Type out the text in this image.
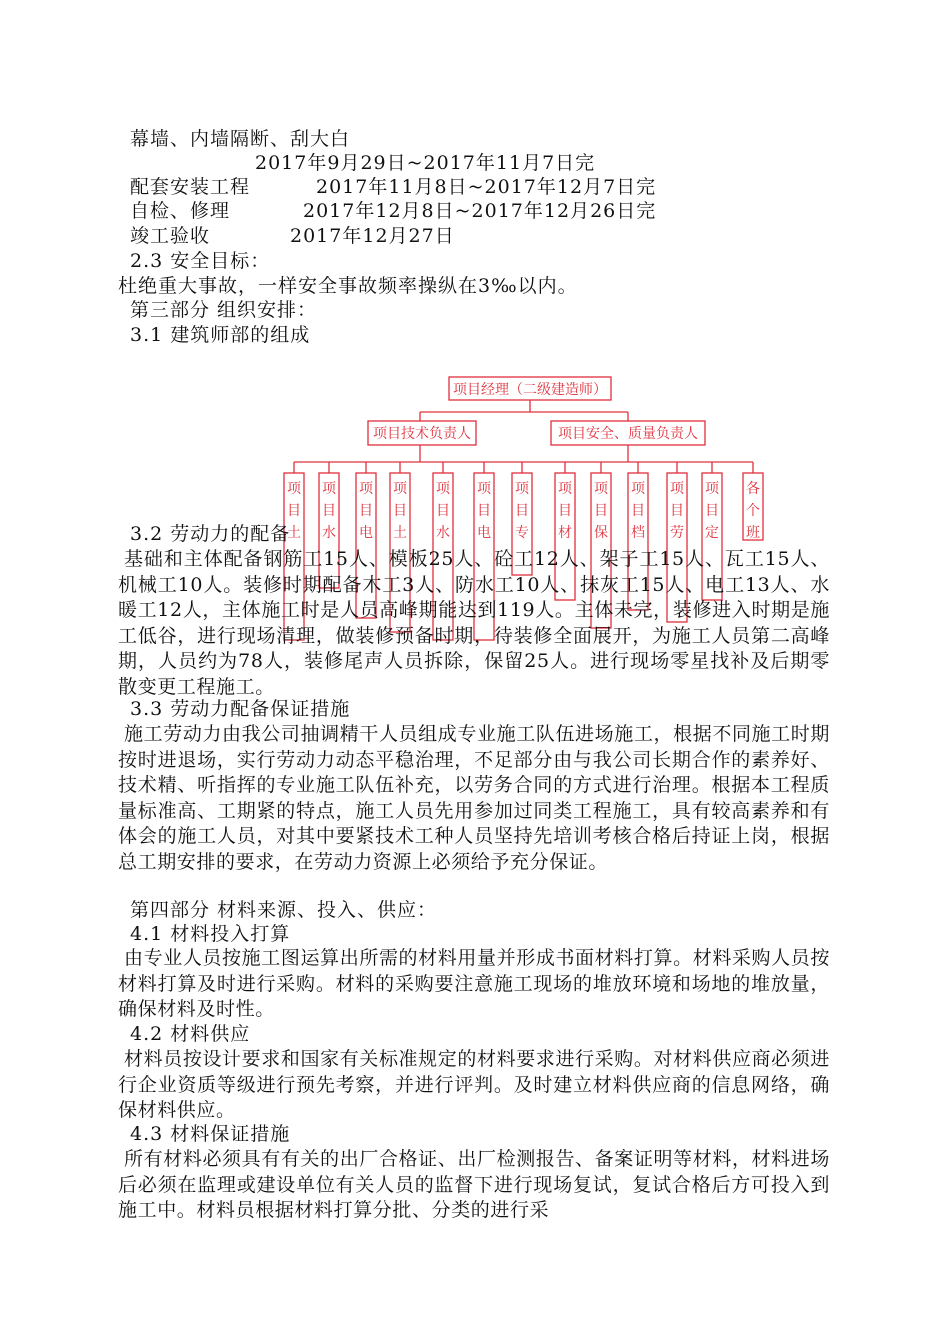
幕墙、内墙隔断、刮大白
2017年9月29日~2017年11月7日完
配套安装工程	2017年11月8日~2017年12月7日完
自检、修理	2017年12月8日~2017年12月26日完
竣工验收	2017年12月27日
2.3 安全目标：
杜绝重大事故，一样安全事故频率操纵在3‰以内。
第三部分 组织安排：
3.1 建筑师部的组成
项目经理（二级建造师）
项目技术负责人	项目安全、质量负责人
项
目
土
项
目
水
项
目
电
项
目
土
项
目
水
项
目
电
项
目
专
项
目
材
项
目
保
项
目
档
项
目
劳
项
目
定
各
个
班
3.2 劳动力的配备
基础和主体配备钢筋工15人、模板25人、砼工12人、架子工15人、瓦工15人、机械工10人。装修时期配备木工3人、防水工10人、抹灰工15人、电工13人、水暖工12人，主体施工时是人员高峰期能达到119人。主体未完，装修进入时期是施工低谷，进行现场清理，做装修预备时期，待装修全面展开，为施工人员第二高峰期，人员约为78人，装修尾声人员拆除，保留25人。进行现场零星找补及后期零散变更工程施工。
3.3 劳动力配备保证措施
施工劳动力由我公司抽调精干人员组成专业施工队伍进场施工，根据不同施工时期按时进退场，实行劳动力动态平稳治理，不足部分由与我公司长期合作的素养好、技术精、听指挥的专业施工队伍补充，以劳务合同的方式进行治理。根据本工程质量标准高、工期紧的特点，施工人员先用参加过同类工程施工，具有较高素养和有体会的施工人员，对其中要紧技术工种人员坚持先培训考核合格后持证上岗，根据总工期安排的要求，在劳动力资源上必须给予充分保证。
第四部分 材料来源、投入、供应：
4.1 材料投入打算
由专业人员按施工图运算出所需的材料用量并形成书面材料打算。材料采购人员按材料打算及时进行采购。材料的采购要注意施工现场的堆放环境和场地的堆放量，确保材料及时性。
4.2 材料供应
材料员按设计要求和国家有关标准规定的材料要求进行采购。对材料供应商必须进行企业资质等级进行预先考察，并进行评判。及时建立材料供应商的信息网络，确保材料供应。
4.3 材料保证措施
所有材料必须具有有关的出厂合格证、出厂检测报告、备案证明等材料，材料进场后必须在监理或建设单位有关人员的监督下进行现场复试，复试合格后方可投入到施工中。材料员根据材料打算分批、分类的进行采
